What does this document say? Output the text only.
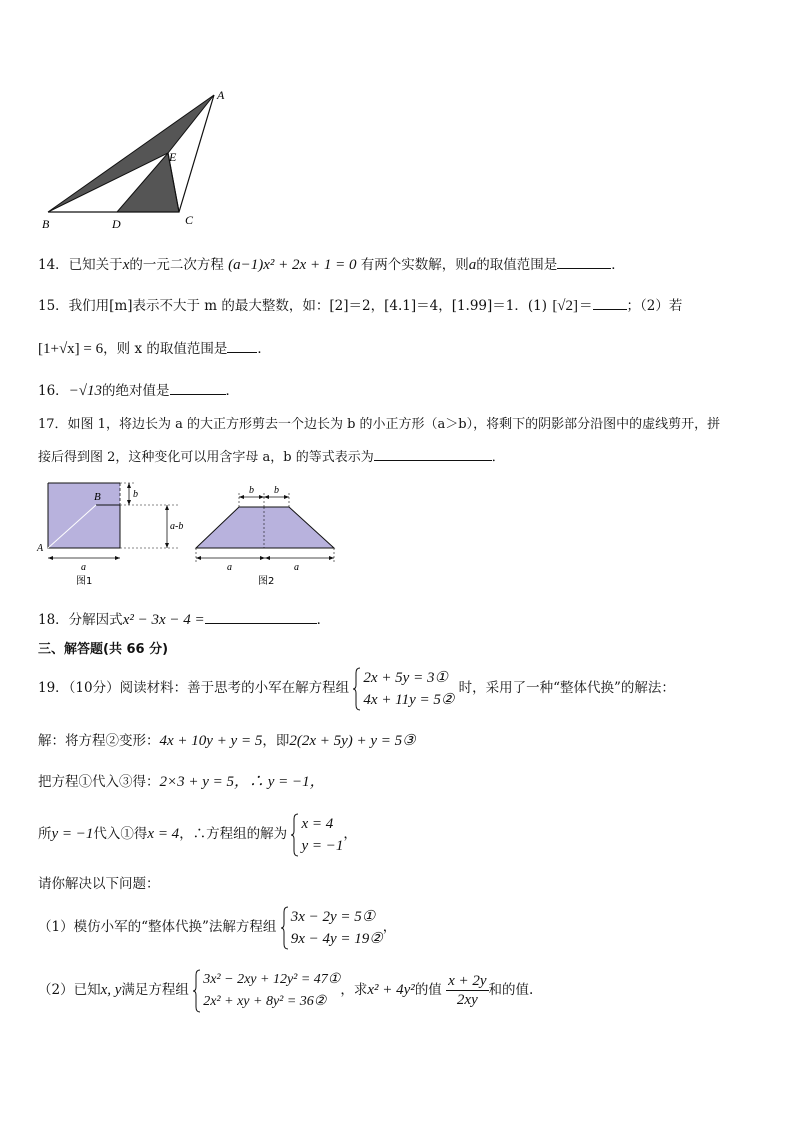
A
E
B	D	C
14．已知关于x的一元二次方程 (a−1)x² + 2x + 1 = 0 有两个实数解，则a的取值范围是	．
15．我们用[m]表示不大于 m 的最大整数，如：[2]＝2，[4.1]＝4，[1.99]＝1．(1) [√2]＝	；（2）若
[1+√x] = 6，则 x 的取值范围是 ．
16．−√13的绝对值是	．
17．如图 1，将边长为 a 的大正方形剪去一个边长为 b 的小正方形（a＞b），将剩下的阴影部分沿图中的虚线剪开，拼
接后得到图 2，这种变化可以用含字母 a，b 的等式表示为	．
B
A
b
a-b
a
图1
b b
a	a
图2
18．分解因式x² − 3x − 4 =	．
三、解答题(共 66 分)
19．（10分）阅读材料：善于思考的小军在解方程组
2x + 5y = 3①
4x + 11y = 5②
时，采用了一种“整体代换”的解法：
解：将方程②变形：4x + 10y + y = 5，即2(2x + 5y) + y = 5③
把方程①代入③得：2×3 + y = 5，∴ y = −1，
所y = −1代入①得x = 4，∴方程组的解为
x = 4
y = −1
，
请你解决以下问题：
（1）模仿小军的“整体代换”法解方程组
3x − 2y = 5①
9x − 4y = 19②
，
（2）已知x, y满足方程组
3x² − 2xy + 12y² = 47①
2x² + xy + 8y² = 36②
，求x² + 4y²的值 $\frac{x + 2y}{2xy}$ 和的值.
